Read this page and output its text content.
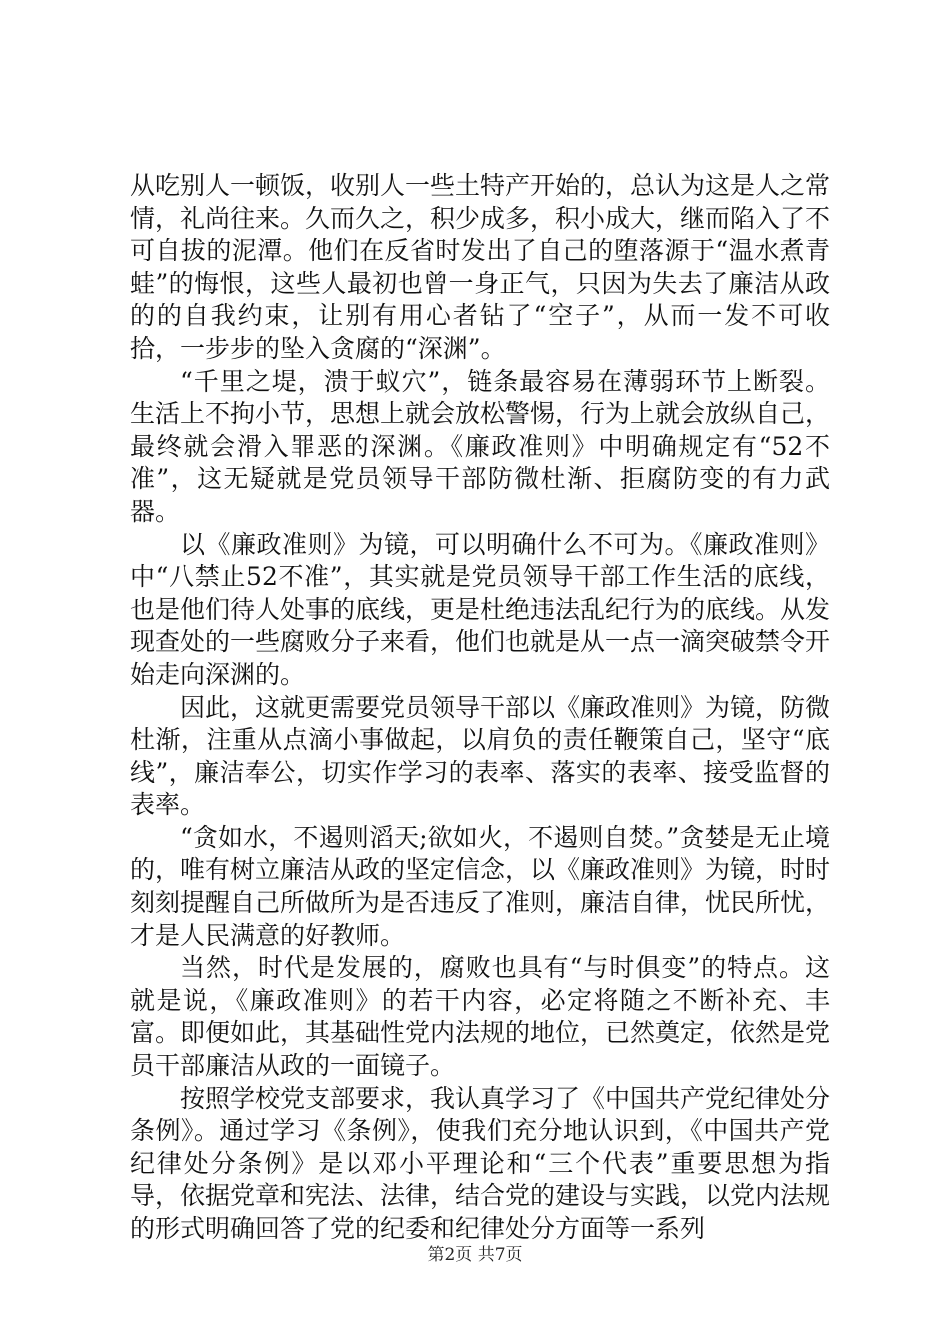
从吃别人一顿饭，收别人一些土特产开始的，总认为这是人之常情，礼尚往来。久而久之，积少成多，积小成大，继而陷入了不可自拔的泥潭。他们在反省时发出了自己的堕落源于“温水煮青蛙”的悔恨，这些人最初也曾一身正气，只因为失去了廉洁从政的的自我约束，让别有用心者钻了“空子”，从而一发不可收拾，一步步的坠入贪腐的“深渊”。

“千里之堤，溃于蚁穴”，链条最容易在薄弱环节上断裂。生活上不拘小节，思想上就会放松警惕，行为上就会放纵自己，最终就会滑入罪恶的深渊。《廉政准则》中明确规定有“52不准”，这无疑就是党员领导干部防微杜渐、拒腐防变的有力武器。

以《廉政准则》为镜，可以明确什么不可为。《廉政准则》中“八禁止52不准”，其实就是党员领导干部工作生活的底线，也是他们待人处事的底线，更是杜绝违法乱纪行为的底线。从发现查处的一些腐败分子来看，他们也就是从一点一滴突破禁令开始走向深渊的。

因此，这就更需要党员领导干部以《廉政准则》为镜，防微杜渐，注重从点滴小事做起，以肩负的责任鞭策自己，坚守“底线”，廉洁奉公，切实作学习的表率、落实的表率、接受监督的表率。

“贪如水，不遏则滔天;欲如火，不遏则自焚。”贪婪是无止境的，唯有树立廉洁从政的坚定信念，以《廉政准则》为镜，时时刻刻提醒自己所做所为是否违反了准则，廉洁自律，忧民所忧，才是人民满意的好教师。

当然，时代是发展的，腐败也具有“与时俱变”的特点。这就是说，《廉政准则》的若干内容，必定将随之不断补充、丰富。即便如此，其基础性党内法规的地位，已然奠定，依然是党员干部廉洁从政的一面镜子。

按照学校党支部要求，我认真学习了《中国共产党纪律处分条例》。通过学习《条例》，使我们充分地认识到，《中国共产党纪律处分条例》是以邓小平理论和“三个代表”重要思想为指导，依据党章和宪法、法律，结合党的建设与实践，以党内法规的形式明确回答了党的纪委和纪律处分方面等一系列

第2页 共7页
